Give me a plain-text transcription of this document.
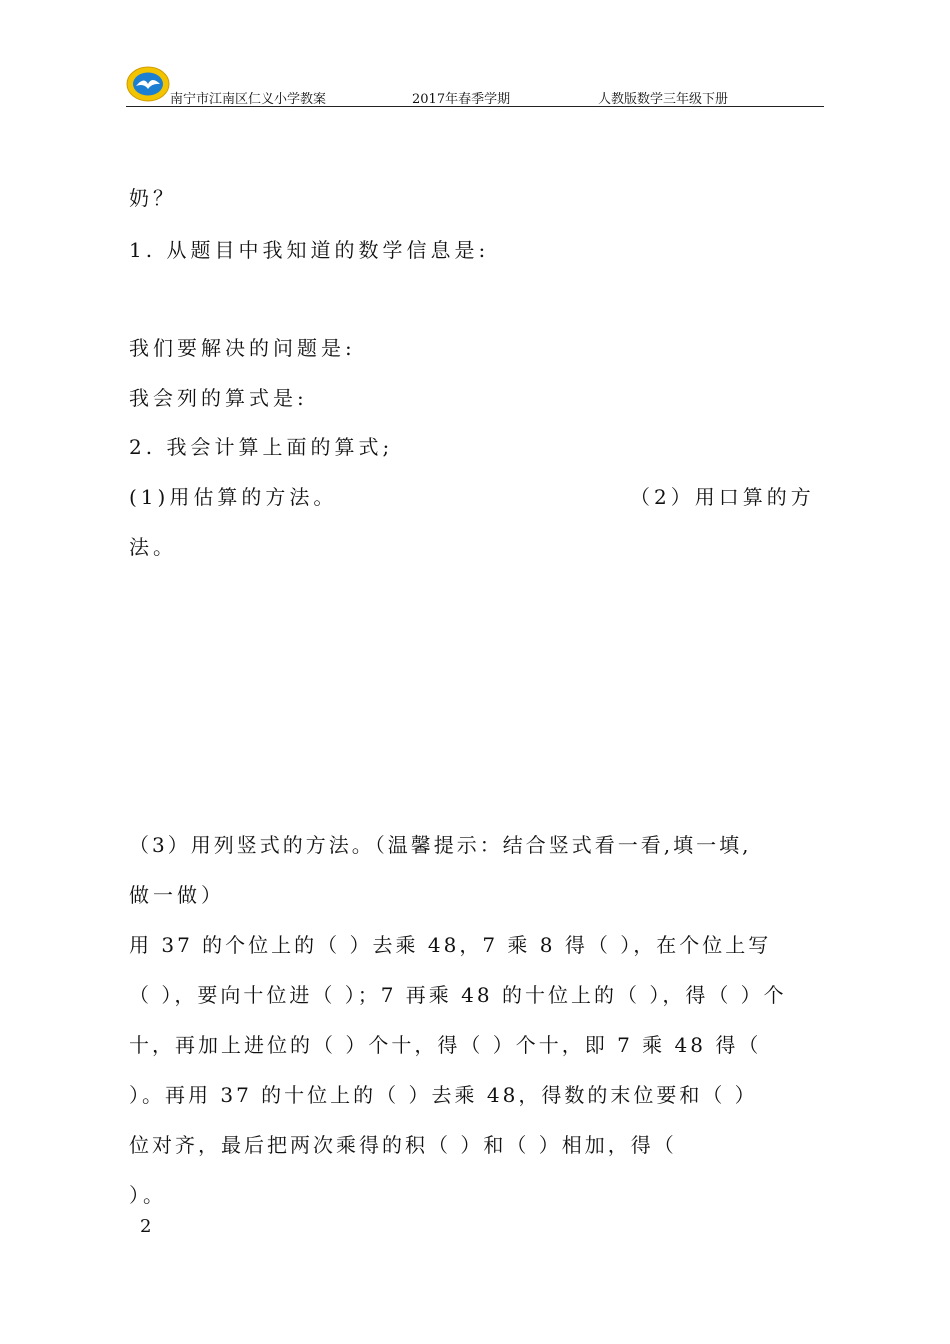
南宁市江南区仁义小学教案	2017年春季学期	人教版数学三年级下册
奶？
1. 从题目中我知道的数学信息是:
我们要解决的问题是:
我会列的算式是:
2. 我会计算上面的算式;
(1)用估算的方法。	（2）用口算的方
法。
（3）用列竖式的方法。（温馨提示：结合竖式看一看,填一填,
做一做）
用 37 的个位上的（ ）去乘 48，7 乘 8 得（ ），在个位上写
（ ），要向十位进（ ）；7 再乘 48 的十位上的（ ），得（ ）个
十，再加上进位的（ ）个十，得（ ）个十，即 7 乘 48 得（
）。再用 37 的十位上的（ ）去乘 48，得数的末位要和（ ）
位对齐，最后把两次乘得的积（ ）和（ ）相加，得（
）。
2
